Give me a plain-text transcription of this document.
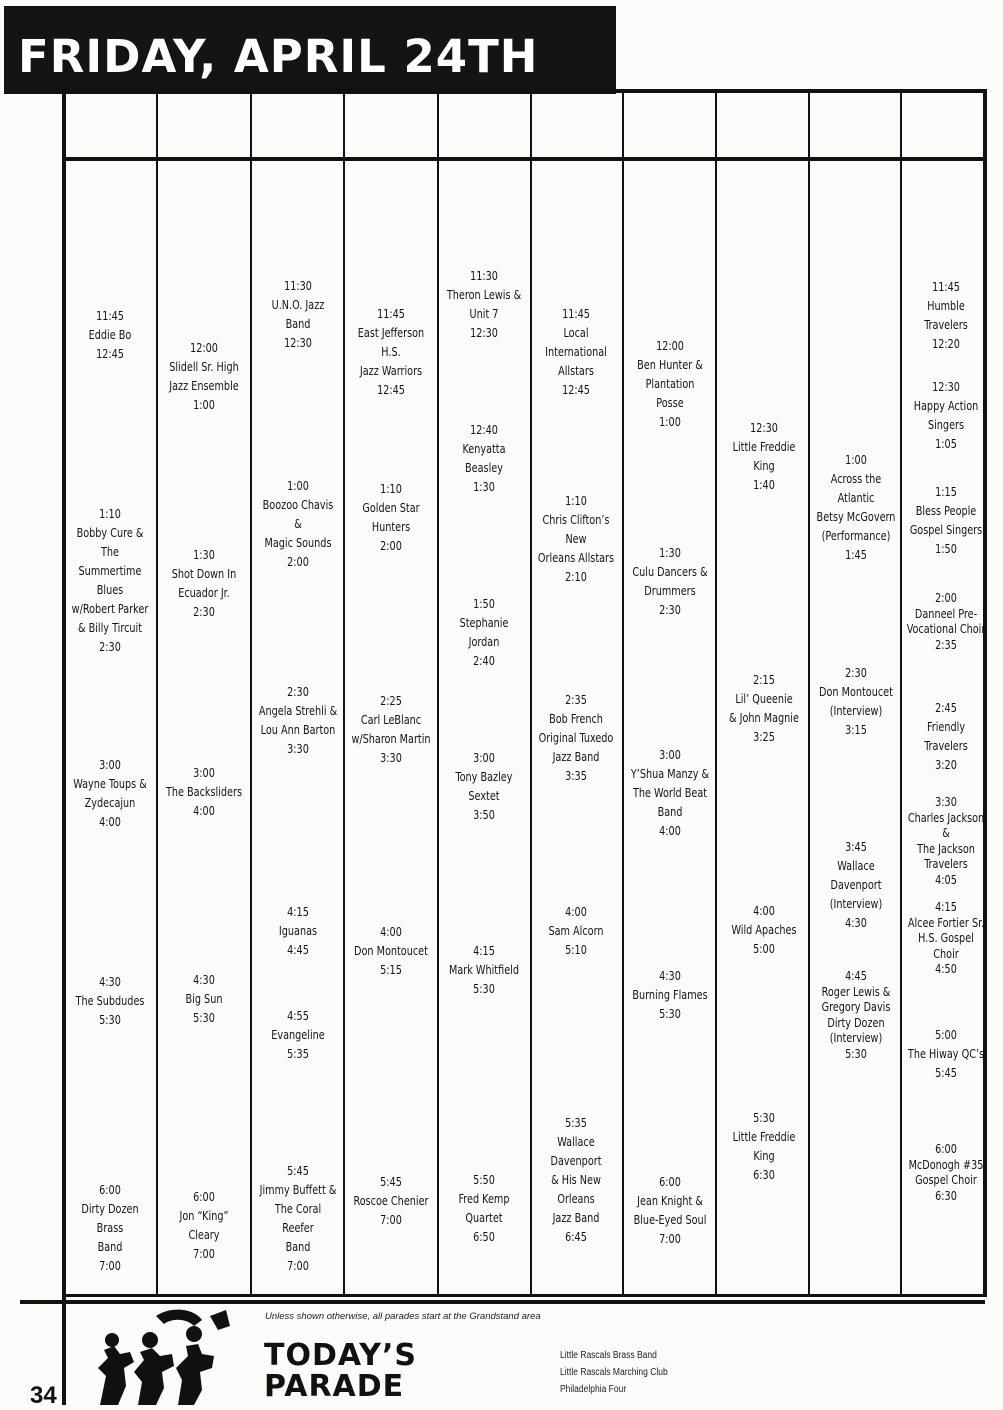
FRIDAY, APRIL 24TH
11:45
Eddie Bo
12:45
1:10
Bobby Cure & The
Summertime Blues
w/Robert Parker
& Billy Tircuit
2:30
3:00
Wayne Toups &
Zydecajun
4:00
4:30
The Subdudes
5:30
6:00
Dirty Dozen Brass
Band
7:00
12:00
Slidell Sr. High
Jazz Ensemble
1:00
1:30
Shot Down In
Ecuador Jr.
2:30
3:00
The Backsliders
4:00
4:30
Big Sun
5:30
6:00
Jon “King” Cleary
7:00
11:30
U.N.O. Jazz Band
12:30
1:00
Boozoo Chavis &
Magic Sounds
2:00
2:30
Angela Strehli &
Lou Ann Barton
3:30
4:15
Iguanas
4:45
4:55
Evangeline
5:35
5:45
Jimmy Buffett &
The Coral Reefer
Band
7:00
11:45
East Jefferson H.S.
Jazz Warriors
12:45
1:10
Golden Star
Hunters
2:00
2:25
Carl LeBlanc
w/Sharon Martin
3:30
4:00
Don Montoucet
5:15
5:45
Roscoe Chenier
7:00
11:30
Theron Lewis &
Unit 7
12:30
12:40
Kenyatta Beasley
1:30
1:50
Stephanie Jordan
2:40
3:00
Tony Bazley Sextet
3:50
4:15
Mark Whitfield
5:30
5:50
Fred Kemp Quartet
6:50
11:45
Local International
Allstars
12:45
1:10
Chris Clifton’s New
Orleans Allstars
2:10
2:35
Bob French
Original Tuxedo
Jazz Band
3:35
4:00
Sam Alcorn
5:10
5:35
Wallace Davenport
& His New Orleans
Jazz Band
6:45
12:00
Ben Hunter &
Plantation Posse
1:00
1:30
Culu Dancers &
Drummers
2:30
3:00
Y’Shua Manzy &
The World Beat
Band
4:00
4:30
Burning Flames
5:30
6:00
Jean Knight &
Blue-Eyed Soul
7:00
12:30
Little Freddie King
1:40
2:15
Lil’ Queenie
& John Magnie
3:25
4:00
Wild Apaches
5:00
5:30
Little Freddie King
6:30
1:00
Across the Atlantic
Betsy McGovern
(Performance)
1:45
2:30
Don Montoucet
(Interview)
3:15
3:45
Wallace Davenport
(Interview)
4:30
4:45
Roger Lewis &
Gregory Davis
Dirty Dozen
(Interview)
5:30
11:45
Humble Travelers
12:20
12:30
Happy Action
Singers
1:05
1:15
Bless People
Gospel Singers
1:50
2:00
Danneel Pre-
Vocational Choir
2:35
2:45
Friendly Travelers
3:20
3:30
Charles Jackson &
The Jackson
Travelers
4:05
4:15
Alcee Fortier Sr.
H.S. Gospel Choir
4:50
5:00
The Hiway QC’s
5:45
6:00
McDonogh #35
Gospel Choir
6:30
Unless shown otherwise, all parades start at the Grandstand area
TODAY’S
PARADE
Little Rascals Brass Band
Little Rascals Marching Club
Philadelphia Four
34
